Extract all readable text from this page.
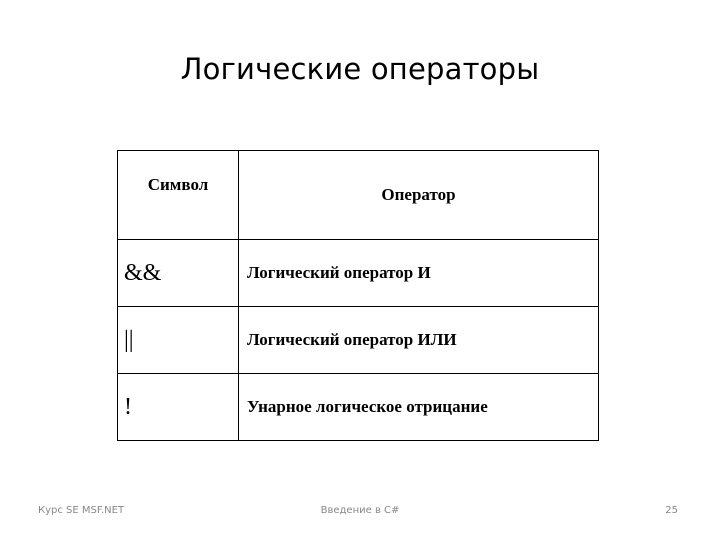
Логические операторы
Символ	Оператор
&&	Логический оператор И
||	Логический оператор ИЛИ
!	Унарное логическое отрицание
Курс SE MSF.NET	Введение в C#	25
